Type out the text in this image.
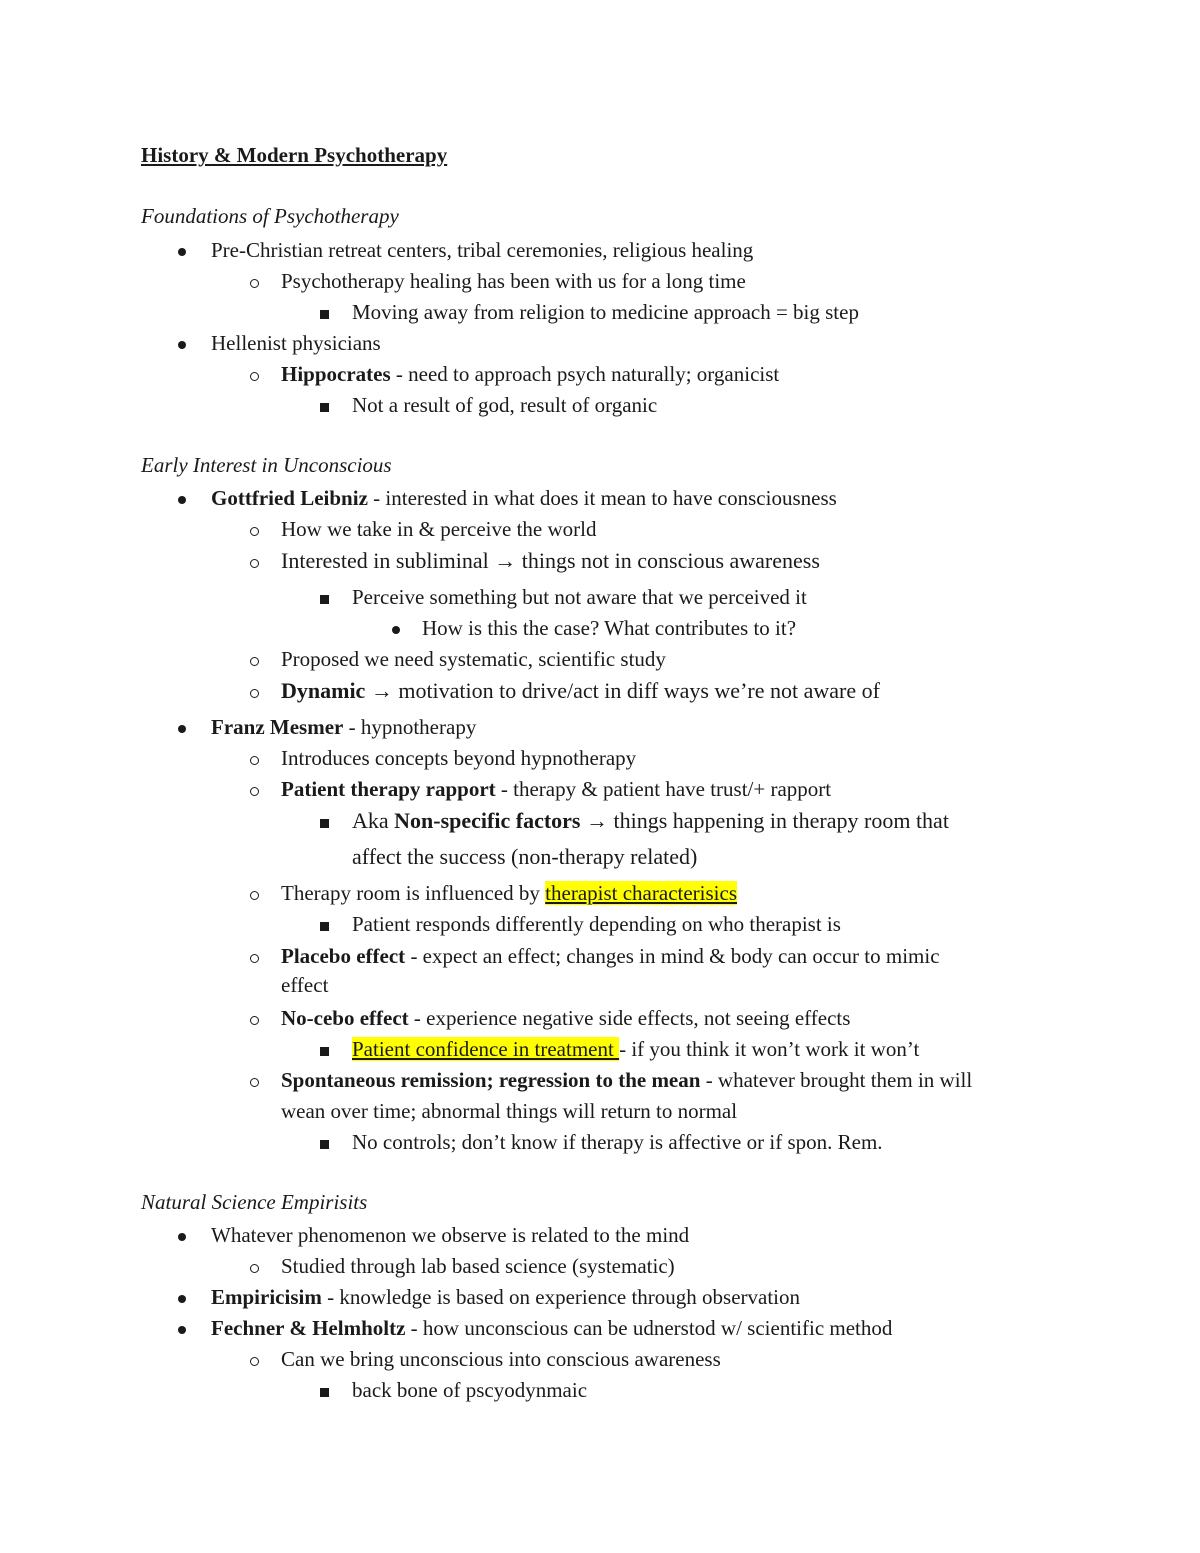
History & Modern Psychotherapy
Foundations of Psychotherapy
Pre-Christian retreat centers, tribal ceremonies, religious healing
Psychotherapy healing has been with us for a long time
Moving away from religion to medicine approach = big step
Hellenist physicians
Hippocrates - need to approach psych naturally; organicist
Not a result of god, result of organic
Early Interest in Unconscious
Gottfried Leibniz - interested in what does it mean to have consciousness
How we take in & perceive the world
Interested in subliminal → things not in conscious awareness
Perceive something but not aware that we perceived it
How is this the case? What contributes to it?
Proposed we need systematic, scientific study
Dynamic → motivation to drive/act in diff ways we’re not aware of
Franz Mesmer - hypnotherapy
Introduces concepts beyond hypnotherapy
Patient therapy rapport - therapy & patient have trust/+ rapport
Aka Non-specific factors → things happening in therapy room that
affect the success (non-therapy related)
Therapy room is influenced by therapist characterisics
Patient responds differently depending on who therapist is
Placebo effect - expect an effect; changes in mind & body can occur to mimic
effect
No-cebo effect - experience negative side effects, not seeing effects
Patient confidence in treatment - if you think it won’t work it won’t
Spontaneous remission; regression to the mean - whatever brought them in will
wean over time; abnormal things will return to normal
No controls; don’t know if therapy is affective or if spon. Rem.
Natural Science Empirisits
Whatever phenomenon we observe is related to the mind
Studied through lab based science (systematic)
Empiricisim - knowledge is based on experience through observation
Fechner & Helmholtz - how unconscious can be udnerstod w/ scientific method
Can we bring unconscious into conscious awareness
back bone of pscyodynmaic
